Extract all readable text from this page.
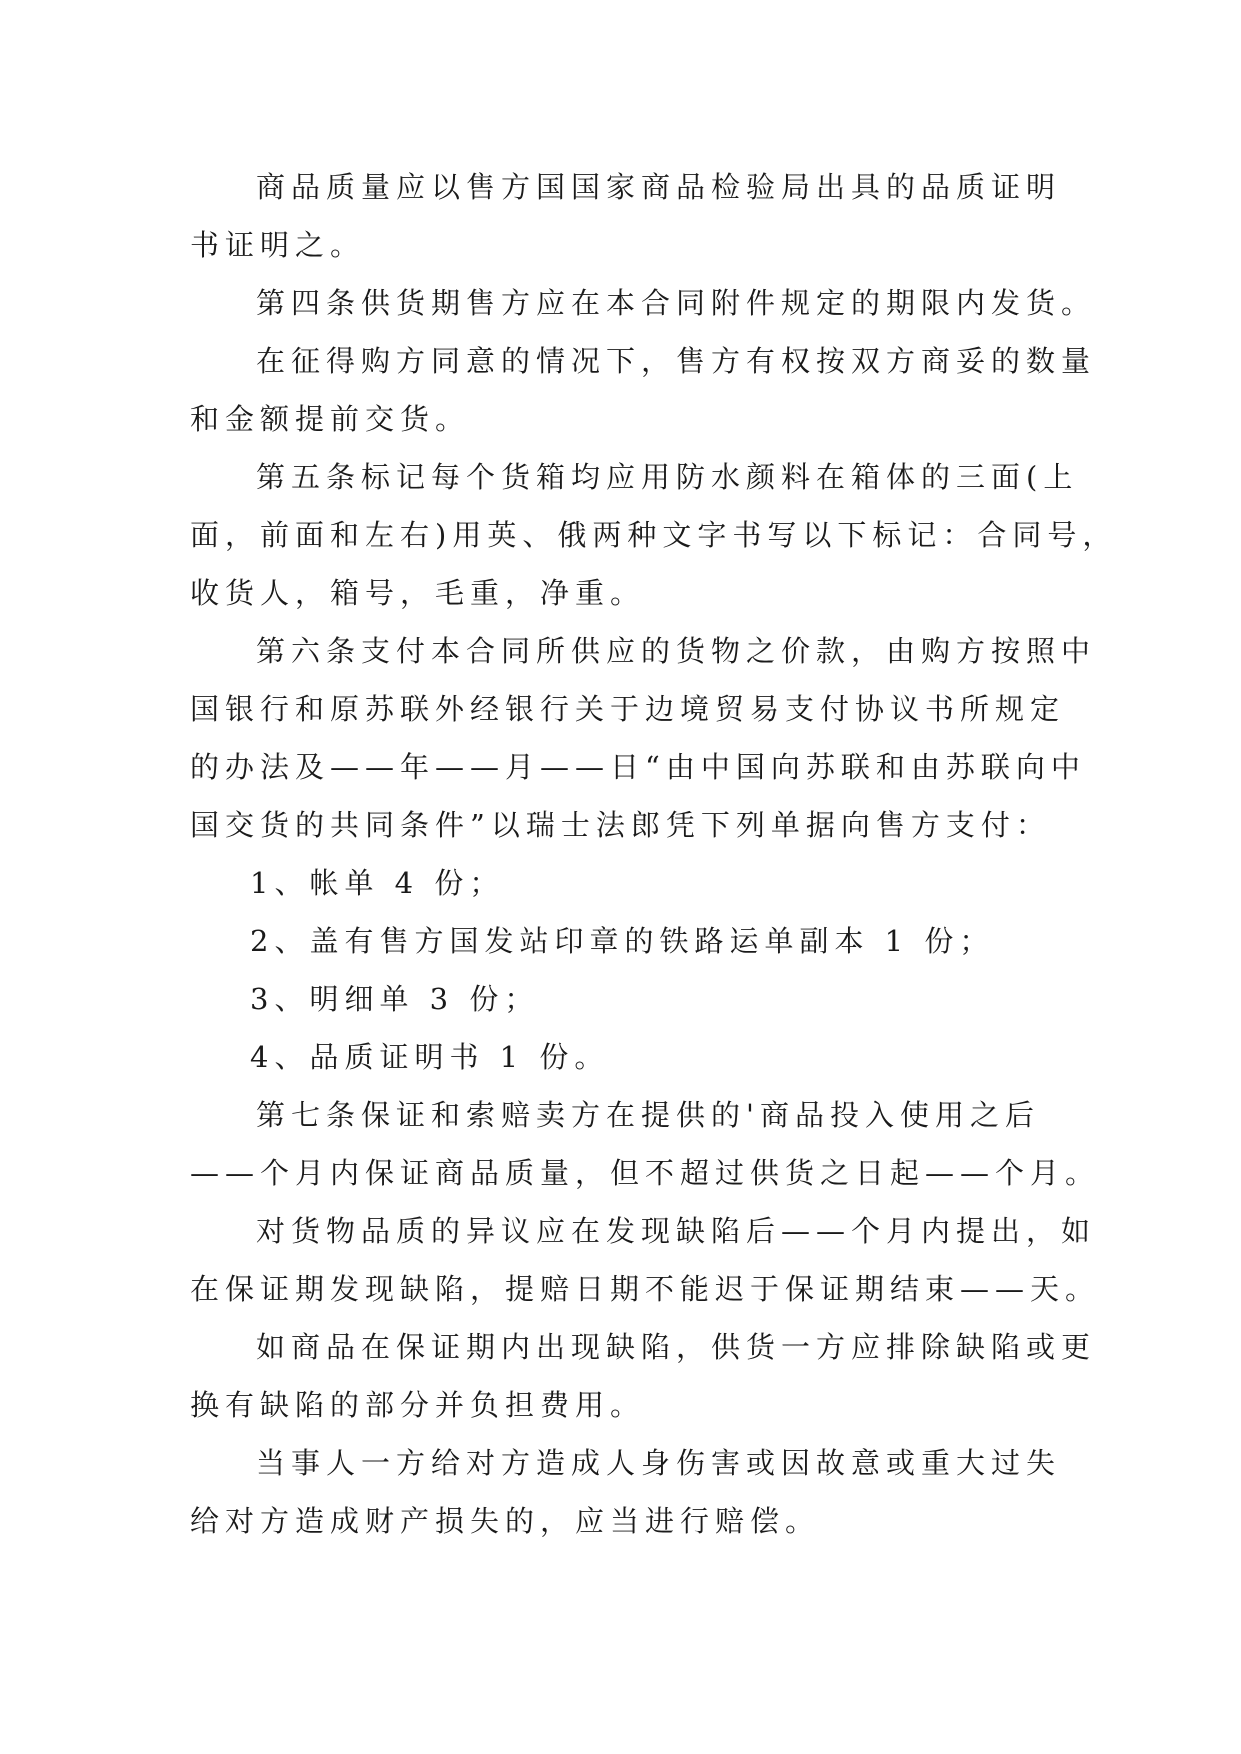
商品质量应以售方国国家商品检验局出具的品质证明
书证明之。

第四条供货期售方应在本合同附件规定的期限内发货。

在征得购方同意的情况下，售方有权按双方商妥的数量
和金额提前交货。

第五条标记每个货箱均应用防水颜料在箱体的三面(上
面，前面和左右)用英、俄两种文字书写以下标记：合同号，
收货人，箱号，毛重，净重。

第六条支付本合同所供应的货物之价款，由购方按照中
国银行和原苏联外经银行关于边境贸易支付协议书所规定
的办法及——年——月——日“由中国向苏联和由苏联向中
国交货的共同条件”以瑞士法郎凭下列单据向售方支付：

1、帐单 4 份；

2、盖有售方国发站印章的铁路运单副本 1 份；

3、明细单 3 份；

4、品质证明书 1 份。

第七条保证和索赔卖方在提供的'商品投入使用之后
——个月内保证商品质量，但不超过供货之日起——个月。

对货物品质的异议应在发现缺陷后——个月内提出，如
在保证期发现缺陷，提赔日期不能迟于保证期结束——天。

如商品在保证期内出现缺陷，供货一方应排除缺陷或更
换有缺陷的部分并负担费用。

当事人一方给对方造成人身伤害或因故意或重大过失
给对方造成财产损失的，应当进行赔偿。
